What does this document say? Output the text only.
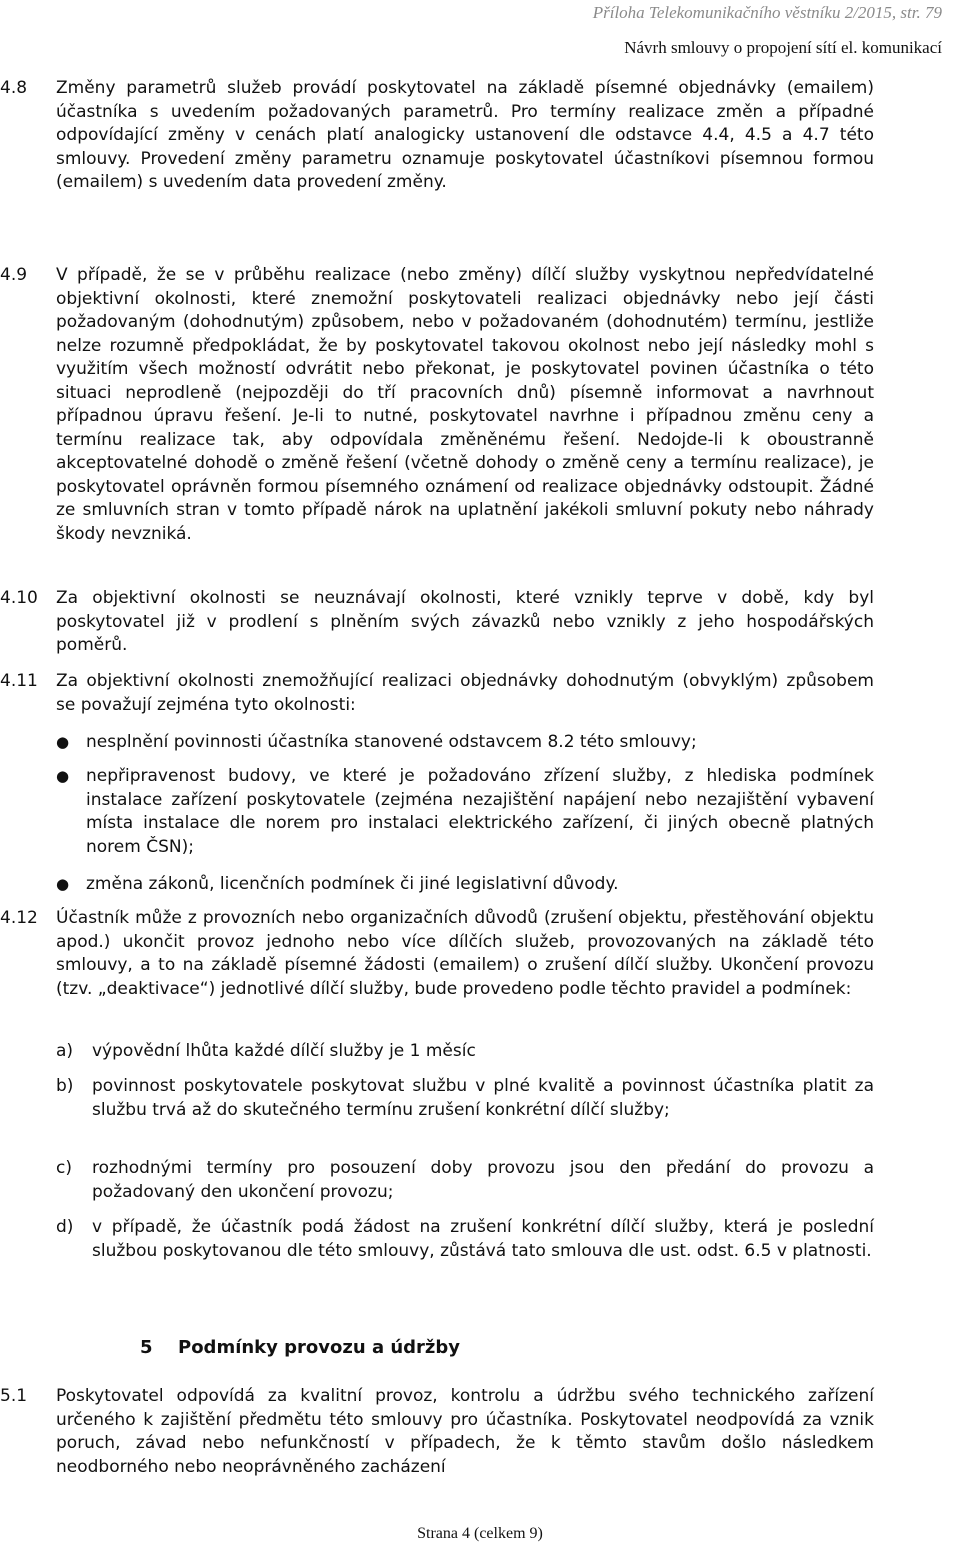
Příloha Telekomunikačního věstníku 2/2015, str. 79
Návrh smlouvy o propojení sítí el. komunikací
4.8 Změny parametrů služeb provádí poskytovatel na základě písemné objednávky (emailem) účastníka s uvedením požadovaných parametrů. Pro termíny realizace změn a případné odpovídající změny v cenách platí analogicky ustanovení dle odstavce 4.4, 4.5 a 4.7 této smlouvy. Provedení změny parametru oznamuje poskytovatel účastníkovi písemnou formou (emailem) s uvedením data provedení změny.
4.9 V případě, že se v průběhu realizace (nebo změny) dílčí služby vyskytnou nepředvídatelné objektivní okolnosti, které znemožní poskytovateli realizaci objednávky nebo její části požadovaným (dohodnutým) způsobem, nebo v požadovaném (dohodnutém) termínu, jestliže nelze rozumně předpokládat, že by poskytovatel takovou okolnost nebo její následky mohl s využitím všech možností odvrátit nebo překonat, je poskytovatel povinen účastníka o této situaci neprodleně (nejpozději do tří pracovních dnů) písemně informovat a navrhnout případnou úpravu řešení. Je-li to nutné, poskytovatel navrhne i případnou změnu ceny a termínu realizace tak, aby odpovídala změněnému řešení. Nedojde-li k oboustranně akceptovatelné dohodě o změně řešení (včetně dohody o změně ceny a termínu realizace), je poskytovatel oprávněn formou písemného oznámení od realizace objednávky odstoupit. Žádné ze smluvních stran v tomto případě nárok na uplatnění jakékoli smluvní pokuty nebo náhrady škody nevzniká.
4.10 Za objektivní okolnosti se neuznávají okolnosti, které vznikly teprve v době, kdy byl poskytovatel již v prodlení s plněním svých závazků nebo vznikly z jeho hospodářských poměrů.
4.11 Za objektivní okolnosti znemožňující realizaci objednávky dohodnutým (obvyklým) způsobem se považují zejména tyto okolnosti:
● nesplnění povinnosti účastníka stanovené odstavcem 8.2 této smlouvy;
● nepřipravenost budovy, ve které je požadováno zřízení služby, z hlediska podmínek instalace zařízení poskytovatele (zejména nezajištění napájení nebo nezajištění vybavení místa instalace dle norem pro instalaci elektrického zařízení, či jiných obecně platných norem ČSN);
● změna zákonů, licenčních podmínek či jiné legislativní důvody.
4.12 Účastník může z provozních nebo organizačních důvodů (zrušení objektu, přestěhování objektu apod.) ukončit provoz jednoho nebo více dílčích služeb, provozovaných na základě této smlouvy, a to na základě písemné žádosti (emailem) o zrušení dílčí služby. Ukončení provozu (tzv. „deaktivace“) jednotlivé dílčí služby, bude provedeno podle těchto pravidel a podmínek:
a) výpovědní lhůta každé dílčí služby je 1 měsíc
b) povinnost poskytovatele poskytovat službu v plné kvalitě a povinnost účastníka platit za službu trvá až do skutečného termínu zrušení konkrétní dílčí služby;
c) rozhodnými termíny pro posouzení doby provozu jsou den předání do provozu a požadovaný den ukončení provozu;
d) v případě, že účastník podá žádost na zrušení konkrétní dílčí služby, která je poslední službou poskytovanou dle této smlouvy, zůstává tato smlouva dle ust. odst. 6.5 v platnosti.
5 Podmínky provozu a údržby
5.1 Poskytovatel odpovídá za kvalitní provoz, kontrolu a údržbu svého technického zařízení určeného k zajištění předmětu této smlouvy pro účastníka. Poskytovatel neodpovídá za vznik poruch, závad nebo nefunkčností v případech, že k těmto stavům došlo následkem neodborného nebo neoprávněného zacházení
Strana 4 (celkem 9)
